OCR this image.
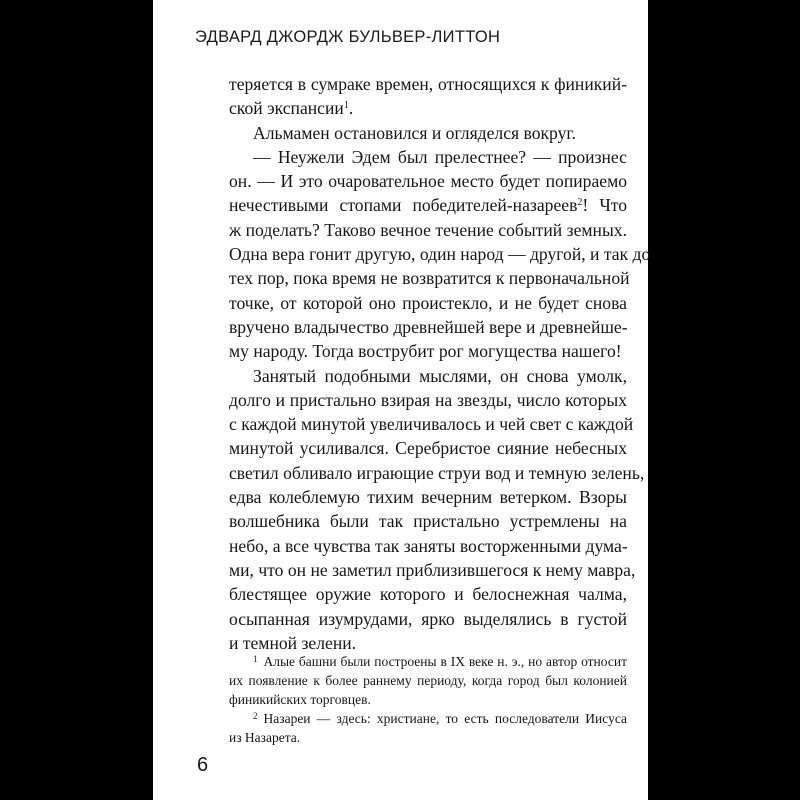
ЭДВАРД ДЖОРДЖ БУЛЬВЕР-ЛИТТОН
теряется в сумраке времен, относящихся к финикий-
ской экспансии$^1$.
Альмамен остановился и огляделся вокруг.
— Неужели Эдем был прелестнее? — произнес
он. — И это очаровательное место будет попираемо
нечестивыми стопами победителей-назареев$^2$! Что
ж поделать? Таково вечное течение событий земных.
Одна вера гонит другую, один народ — другой, и так до
тех пор, пока время не возвратится к первоначальной
точке, от которой оно проистекло, и не будет снова
вручено владычество древнейшей вере и древнейше-
му народу. Тогда вострубит рог могущества нашего!
Занятый подобными мыслями, он снова умолк,
долго и пристально взирая на звезды, число которых
с каждой минутой увеличивалось и чей свет с каждой
минутой усиливался. Серебристое сияние небесных
светил обливало играющие струи вод и темную зелень,
едва колеблемую тихим вечерним ветерком. Взоры
волшебника были так пристально устремлены на
небо, а все чувства так заняты восторженными дума-
ми, что он не заметил приблизившегося к нему мавра,
блестящее оружие которого и белоснежная чалма,
осыпанная изумрудами, ярко выделялись в густой
и темной зелени.
$^1$ Алые башни были построены в IX веке н. э., но автор относит
их появление к более раннему периоду, когда город был колонией
финикийских торговцев.
$^2$ Назареи — здесь: христиане, то есть последователи Иисуса
из Назарета.
6
